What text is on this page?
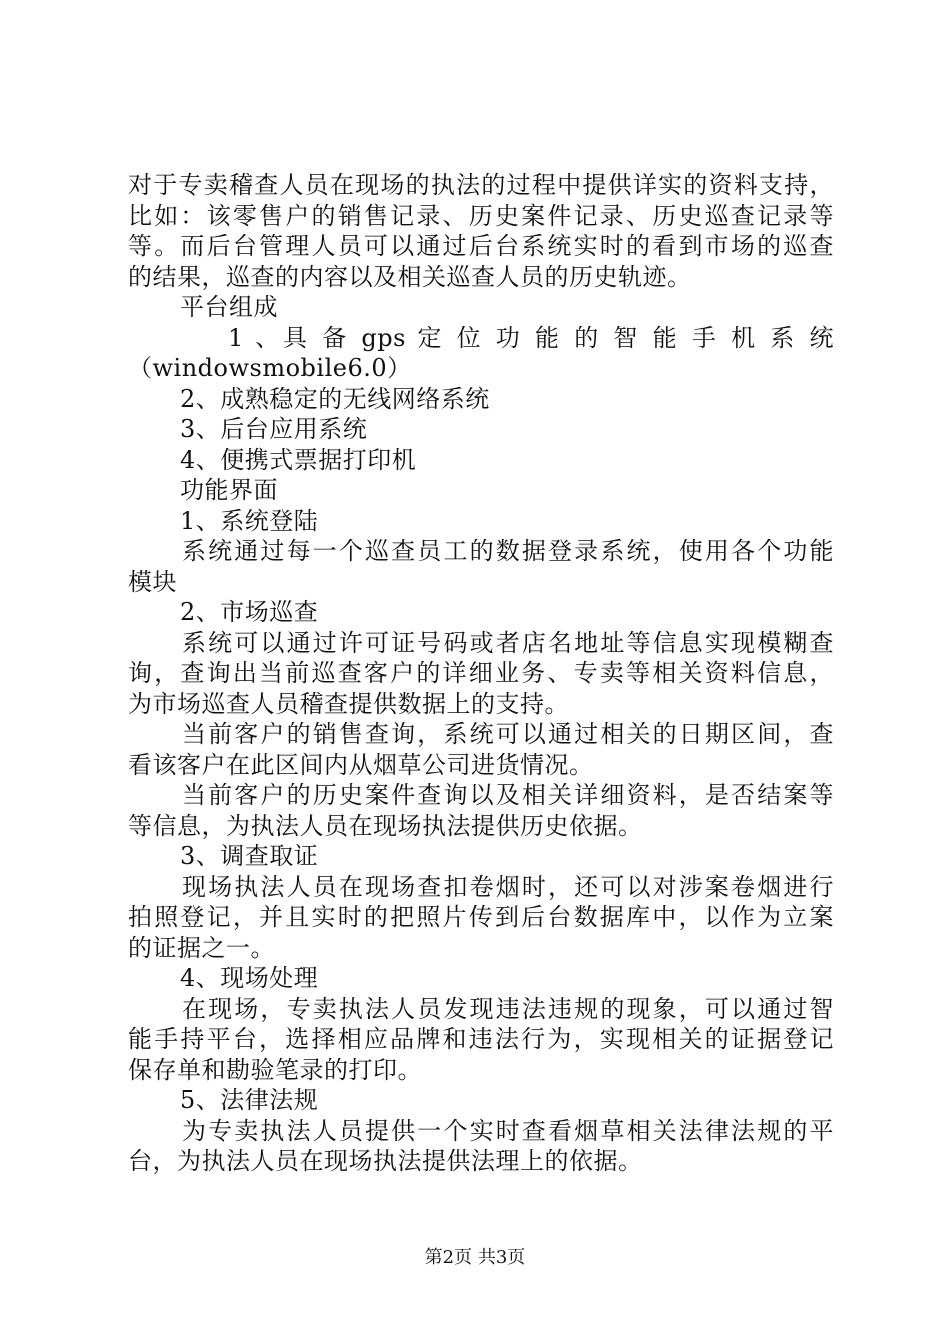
对于专卖稽查人员在现场的执法的过程中提供详实的资料支持，

比如：该零售户的销售记录、历史案件记录、历史巡查记录等

等。而后台管理人员可以通过后台系统实时的看到市场的巡查

的结果，巡查的内容以及相关巡查人员的历史轨迹。

平台组成

1 、具 备 gps 定 位 功 能 的 智 能 手 机 系 统

（windowsmobile6.0）

2、成熟稳定的无线网络系统

3、后台应用系统

4、便携式票据打印机

功能界面

1、系统登陆

系统通过每一个巡查员工的数据登录系统，使用各个功能

模块

2、市场巡查

系统可以通过许可证号码或者店名地址等信息实现模糊查

询，查询出当前巡查客户的详细业务、专卖等相关资料信息，

为市场巡查人员稽查提供数据上的支持。

当前客户的销售查询，系统可以通过相关的日期区间，查

看该客户在此区间内从烟草公司进货情况。

当前客户的历史案件查询以及相关详细资料，是否结案等

等信息，为执法人员在现场执法提供历史依据。

3、调查取证

现场执法人员在现场查扣卷烟时，还可以对涉案卷烟进行

拍照登记，并且实时的把照片传到后台数据库中，以作为立案

的证据之一。

4、现场处理

在现场，专卖执法人员发现违法违规的现象，可以通过智

能手持平台，选择相应品牌和违法行为，实现相关的证据登记

保存单和勘验笔录的打印。

5、法律法规

为专卖执法人员提供一个实时查看烟草相关法律法规的平

台，为执法人员在现场执法提供法理上的依据。

第2页 共3页
